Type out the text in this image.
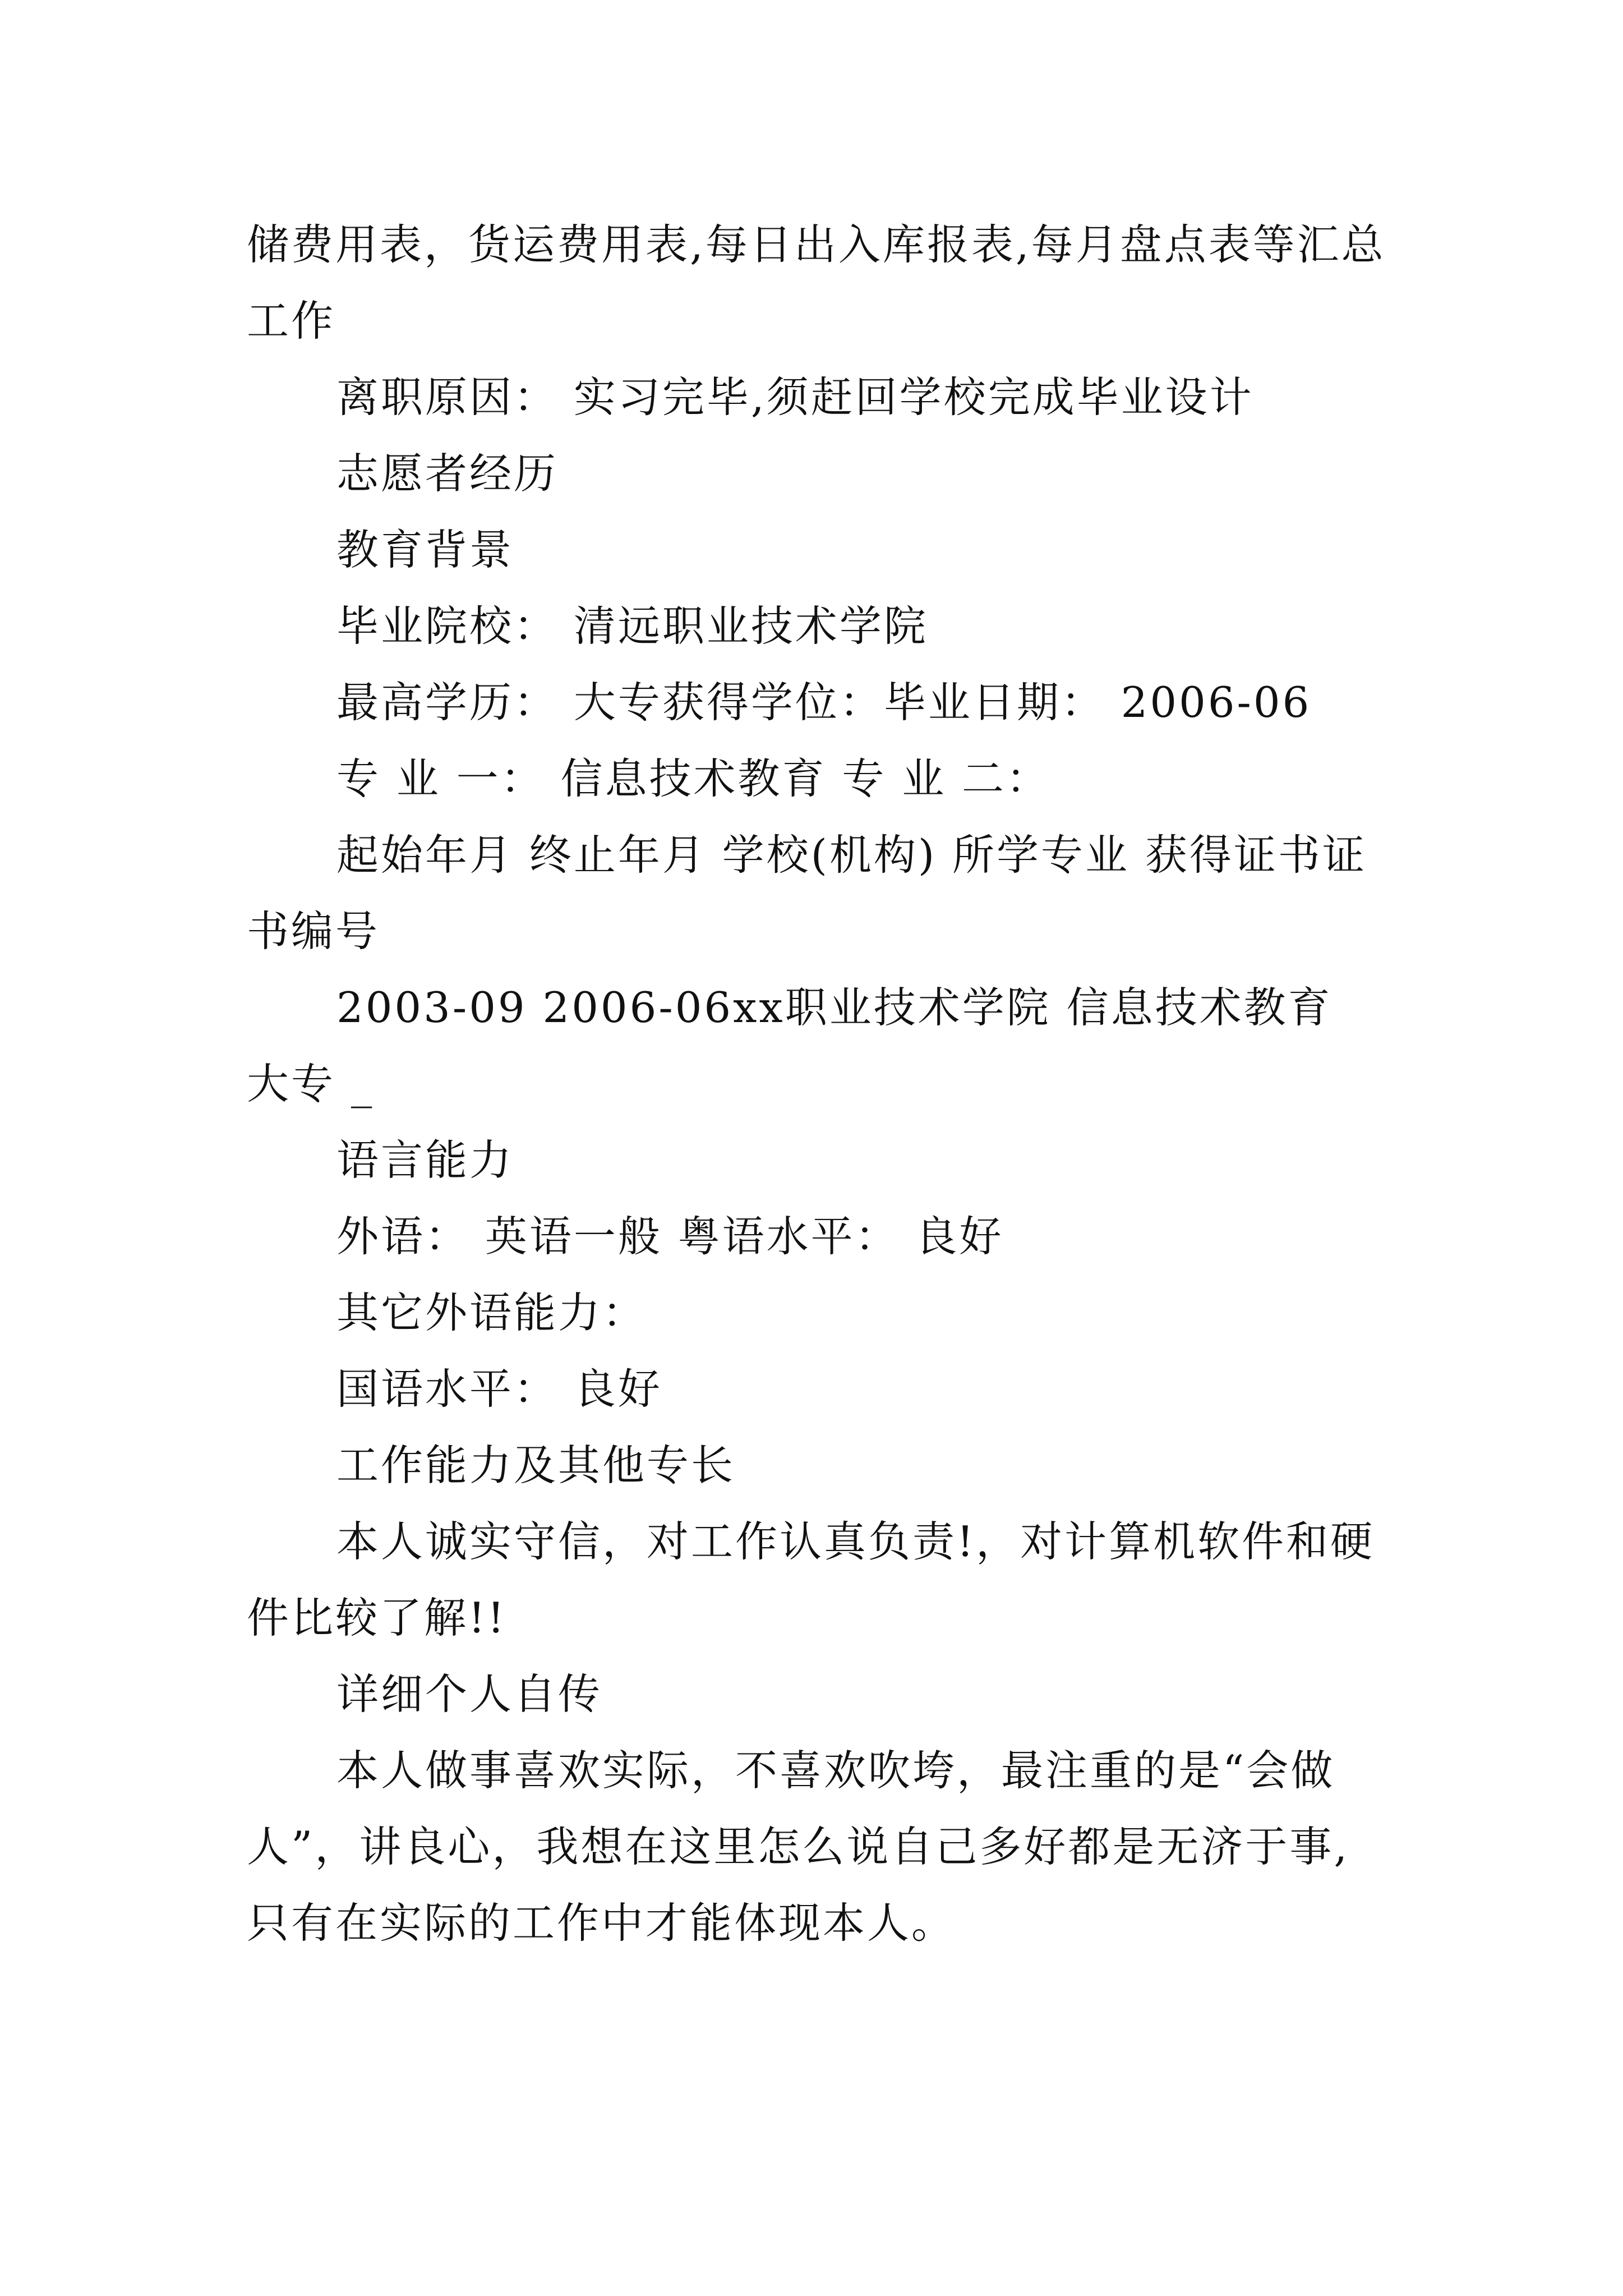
储费用表，货运费用表,每日出入库报表,每月盘点表等汇总工作

离职原因： 实习完毕,须赶回学校完成毕业设计

志愿者经历

教育背景

毕业院校： 清远职业技术学院

最高学历： 大专获得学位：毕业日期： 2006-06

专 业 一： 信息技术教育 专 业 二：

起始年月 终止年月 学校(机构) 所学专业 获得证书证书编号

2003-09 2006-06xx职业技术学院 信息技术教育 大专 _

语言能力

外语： 英语一般 粤语水平： 良好

其它外语能力：

国语水平： 良好

工作能力及其他专长

本人诚实守信，对工作认真负责!，对计算机软件和硬件比较了解!!

详细个人自传

本人做事喜欢实际，不喜欢吹垮，最注重的是“会做人”，讲良心，我想在这里怎么说自己多好都是无济于事,只有在实际的工作中才能体现本人。
